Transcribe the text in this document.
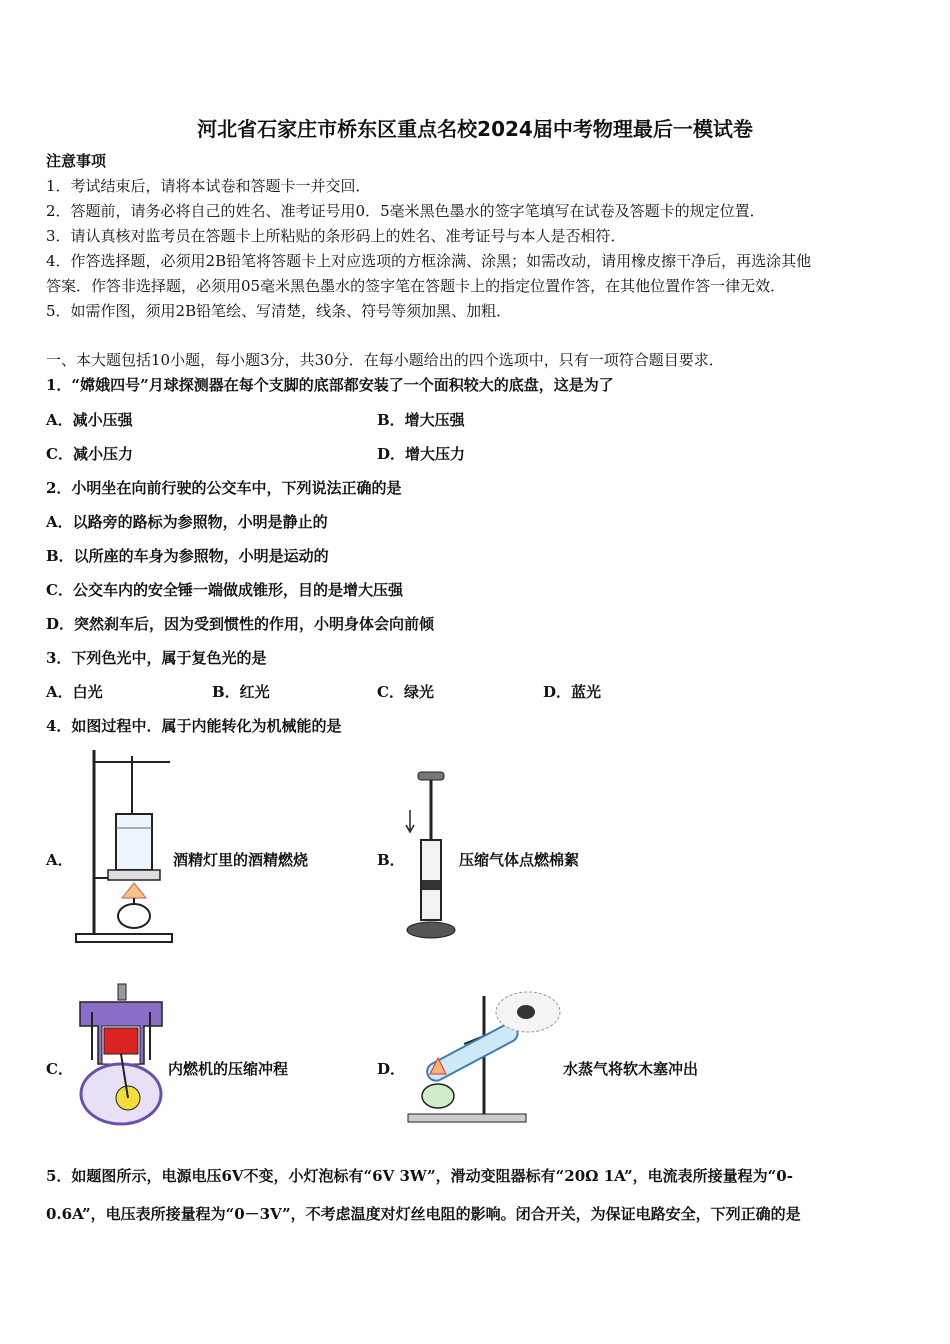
河北省石家庄市桥东区重点名校2024届中考物理最后一模试卷
注意事项
1．考试结束后，请将本试卷和答题卡一并交回．
2．答题前，请务必将自己的姓名、准考证号用0．5毫米黑色墨水的签字笔填写在试卷及答题卡的规定位置．
3．请认真核对监考员在答题卡上所粘贴的条形码上的姓名、准考证号与本人是否相符．
4．作答选择题，必须用2B铅笔将答题卡上对应选项的方框涂满、涂黑；如需改动，请用橡皮擦干净后，再选涂其他
答案．作答非选择题，必须用05毫米黑色墨水的签字笔在答题卡上的指定位置作答，在其他位置作答一律无效．
5．如需作图，须用2B铅笔绘、写清楚，线条、符号等须加黑、加粗．
一、本大题包括10小题，每小题3分，共30分．在每小题给出的四个选项中，只有一项符合题目要求．
1．“嫦娥四号”月球探测器在每个支脚的底部都安装了一个面积较大的底盘，这是为了
A．减小压强	B．增大压强
C．减小压力	D．增大压力
2．小明坐在向前行驶的公交车中，下列说法正确的是
A．以路旁的路标为参照物，小明是静止的
B．以所座的车身为参照物，小明是运动的
C．公交车内的安全锤一端做成锥形，目的是增大压强
D．突然刹车后，因为受到惯性的作用，小明身体会向前倾
3．下列色光中，属于复色光的是
A．白光	B．红光	C．绿光	D．蓝光
4．如图过程中．属于内能转化为机械能的是
A．	酒精灯里的酒精燃烧	B．	压缩气体点燃棉絮
C．	内燃机的压缩冲程	D．	水蒸气将软木塞冲出
5．如题图所示，电源电压6V不变，小灯泡标有“6V 3W”，滑动变阻器标有“20Ω 1A”，电流表所接量程为“0-
0.6A”，电压表所接量程为“0－3V”，不考虑温度对灯丝电阻的影响。闭合开关，为保证电路安全，下列正确的是
